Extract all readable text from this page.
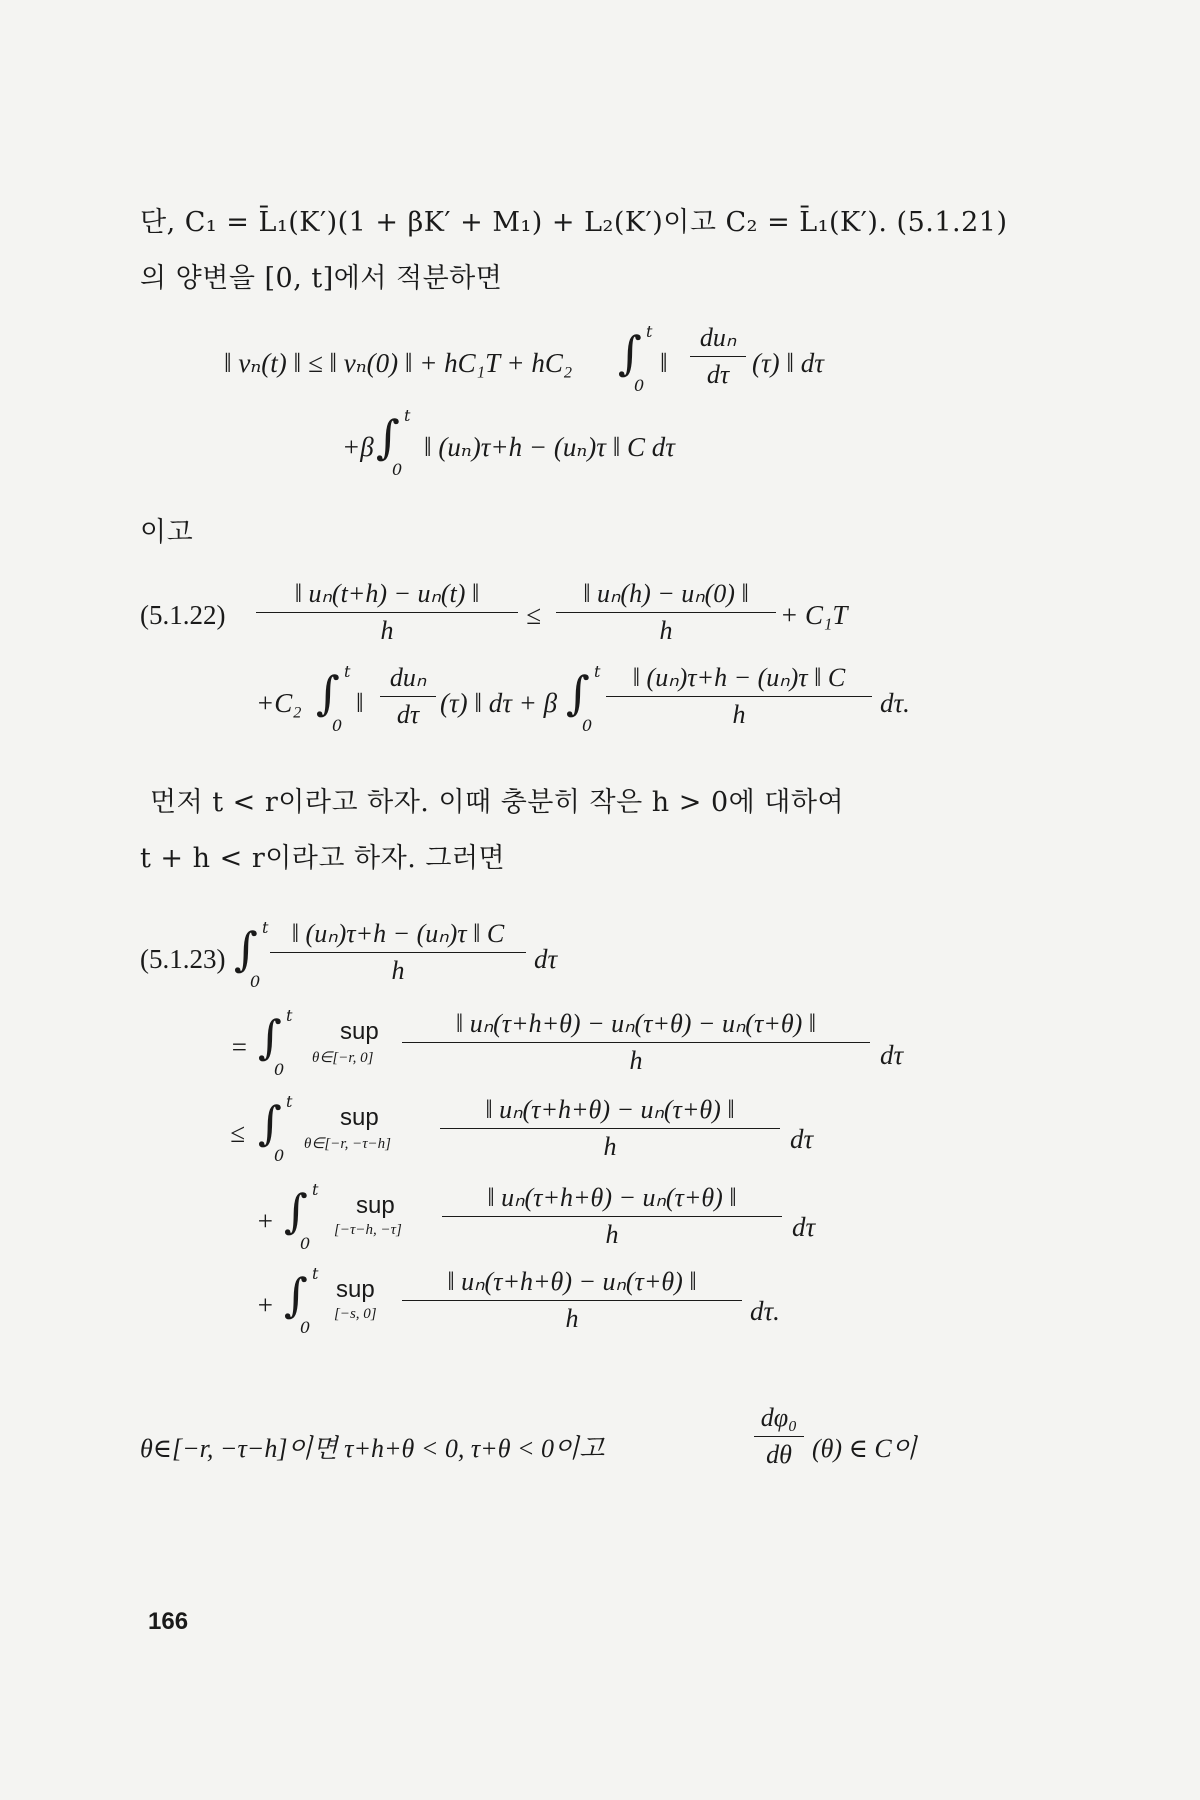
단, C₁ = L̄₁(K′)(1 + βK′ + M₁) + L₂(K′)이고 C₂ = L̄₁(K′). (5.1.21)
의 양변을 [0, t]에서 적분하면
‖ vₙ(t) ‖ ≤ ‖ vₙ(0) ‖ + hC₁T + hC₂ ∫ t
0
‖
duₙ
dτ (τ) ‖ dτ
+β ∫ t
0
‖ (uₙ)τ+h − (uₙ)τ ‖ C dτ
이고
(5.1.22)
‖ uₙ(t+h) − uₙ(t) ‖
h
≤
‖ uₙ(h) − uₙ(0) ‖
h
+ C₁T
+C₂ ∫ t
0
‖
duₙ
dτ (τ) ‖ dτ + β ∫ t
0
‖ (uₙ)τ+h − (uₙ)τ ‖ C
h	dτ.
먼저 t < r이라고 하자. 이때 충분히 작은 h > 0에 대하여
t + h < r이라고 하자. 그러면
(5.1.23) ∫ t
0
‖ (uₙ)τ+h − (uₙ)τ ‖ C
h	dτ
= ∫ t
0
sup
θ∈[−r, 0]
‖ uₙ(τ+h+θ) − uₙ(τ+θ) − uₙ(τ+θ) ‖
h	dτ
≤ ∫ t
0
sup
θ∈[−r, −τ−h]
‖ uₙ(τ+h+θ) − uₙ(τ+θ) ‖
h	dτ
+ ∫ t
0
sup
[−τ−h, −τ]
‖ uₙ(τ+h+θ) − uₙ(τ+θ) ‖
h	dτ
+ ∫ t
0
sup
[−s, 0]
‖ uₙ(τ+h+θ) − uₙ(τ+θ) ‖
h	dτ.
θ∈[−r, −τ−h]이면 τ+h+θ < 0, τ+θ < 0이고
dφ₀
dθ (θ) ∈ C이
166
